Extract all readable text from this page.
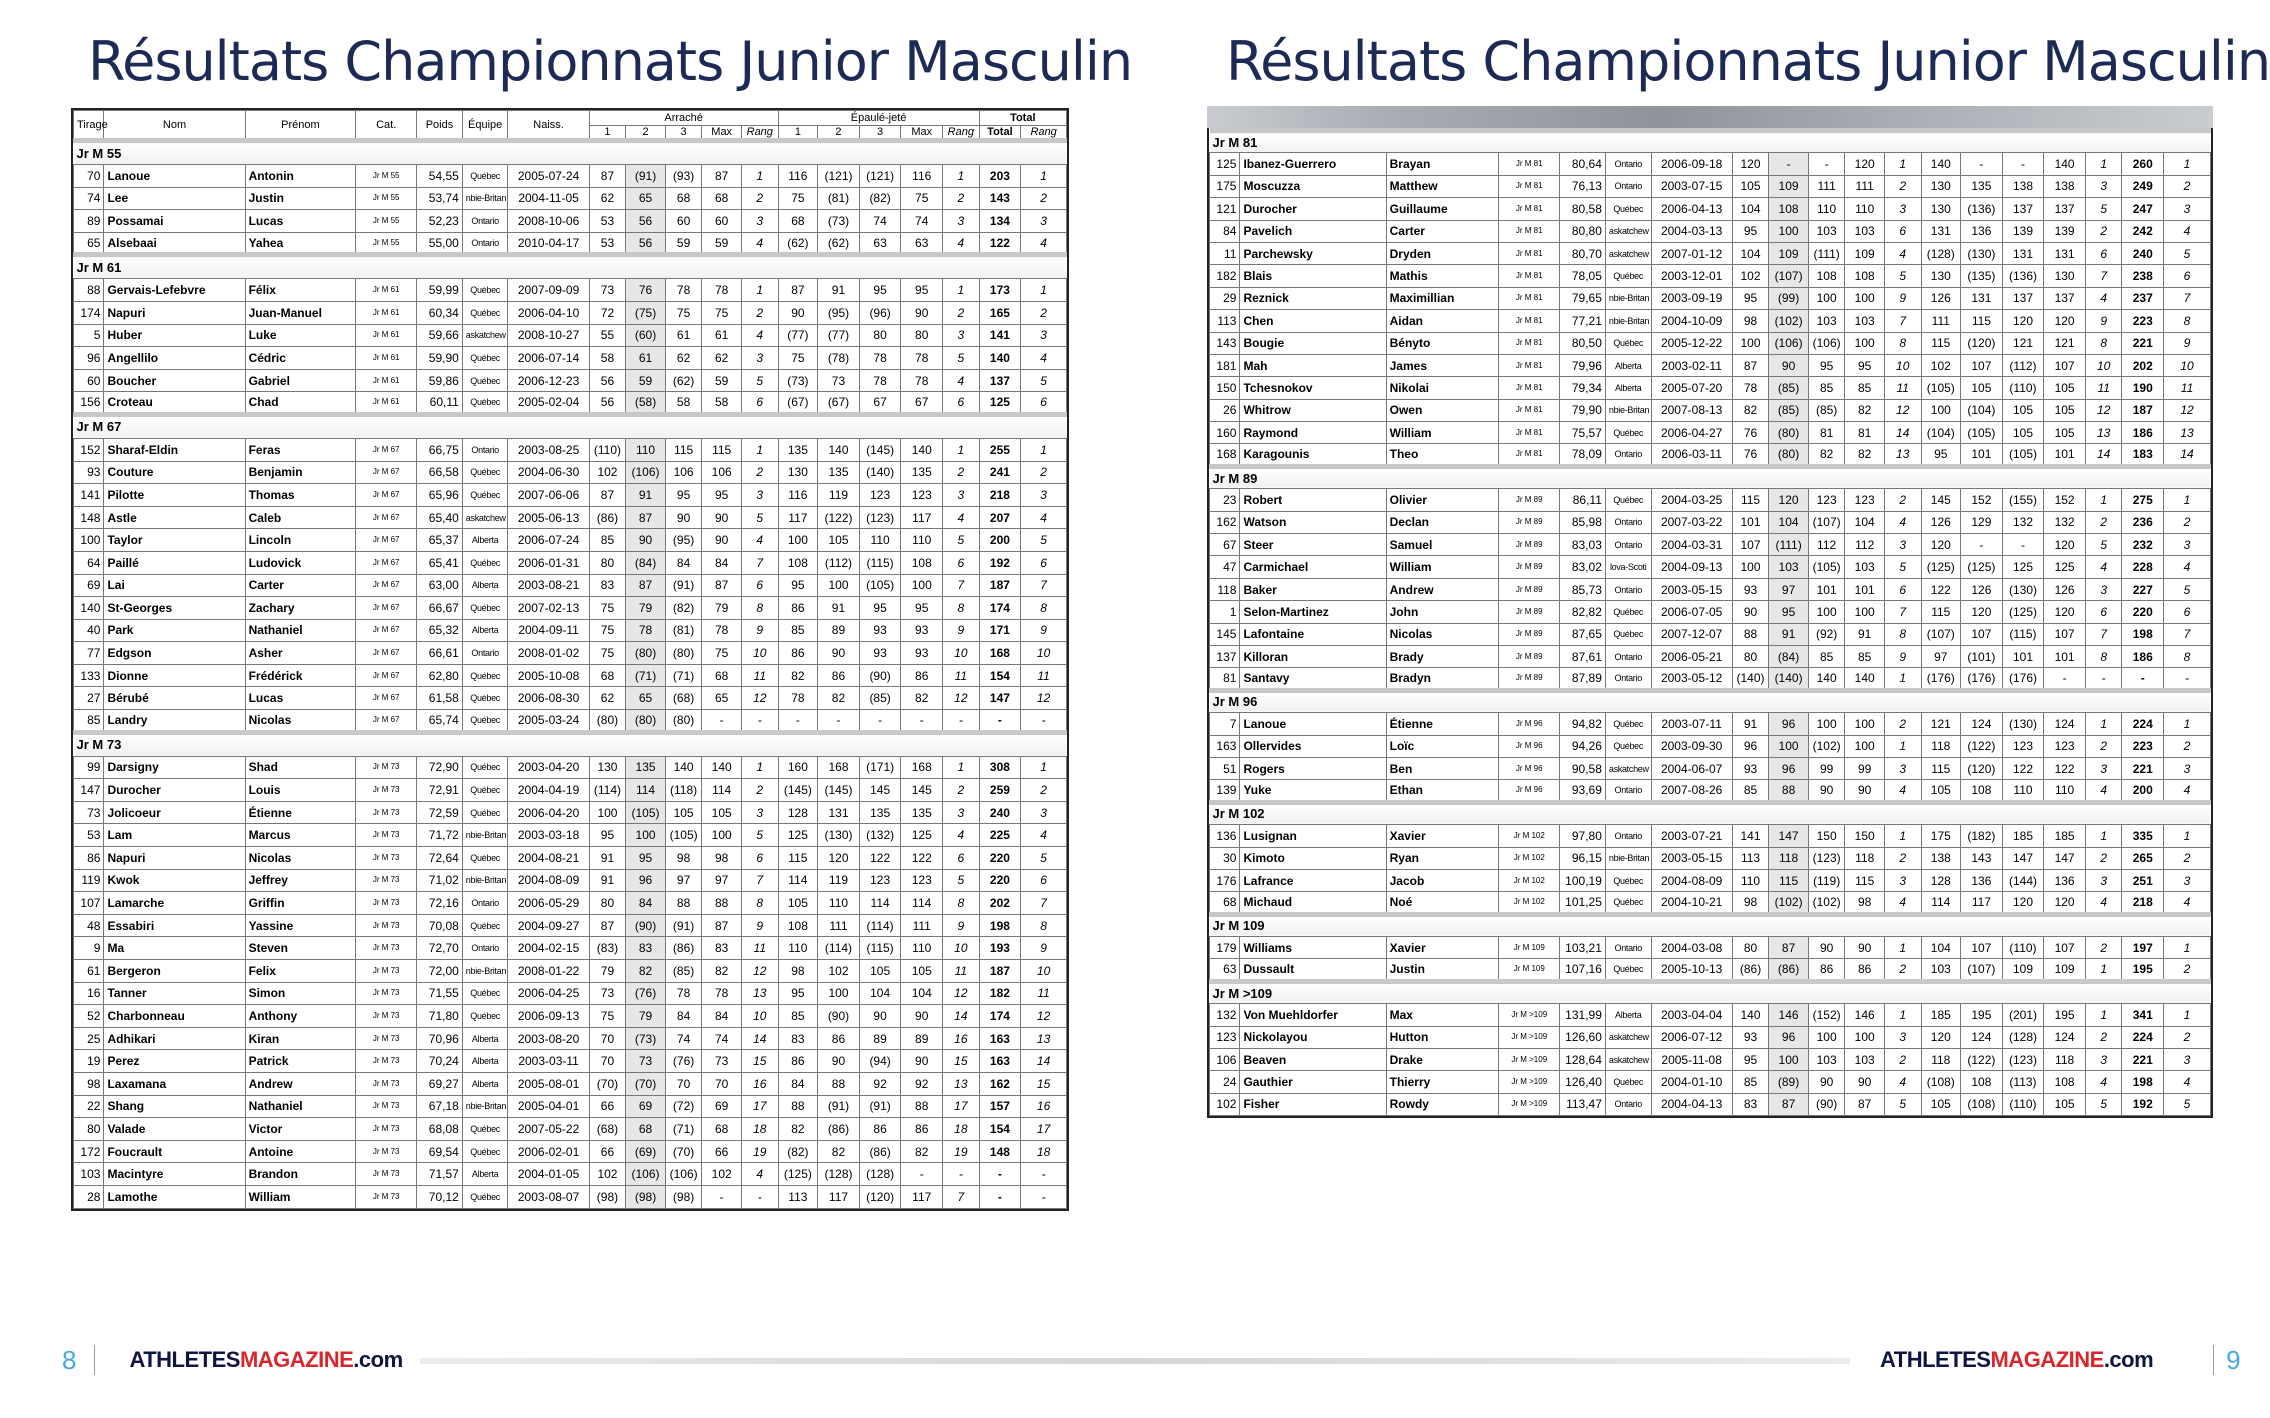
Résultats Championnats Junior Masculin Résultats Championnats Junior Masculin
Tirage	Nom	Prénom	Cat.	Poids	Équipe	Naiss.	Arraché					Épaulé-jeté					Total	
							1	2	3	Max	Rang	1	2	3	Max	Rang	Total	Rang
Jr M 55																		
70	Lanoue	Antonin	Jr M 55	54,55	Québec	2005-07-24	87	(91)	(93)	87	1	116	(121)	(121)	116	1	203	1
74	Lee	Justin	Jr M 55	53,74	nbie-Britan	2004-11-05	62	65	68	68	2	75	(81)	(82)	75	2	143	2
89	Possamai	Lucas	Jr M 55	52,23	Ontario	2008-10-06	53	56	60	60	3	68	(73)	74	74	3	134	3
65	Alsebaai	Yahea	Jr M 55	55,00	Ontario	2010-04-17	53	56	59	59	4	(62)	(62)	63	63	4	122	4
Jr M 61																		
88	Gervais-Lefebvre	Félix	Jr M 61	59,99	Québec	2007-09-09	73	76	78	78	1	87	91	95	95	1	173	1
174	Napuri	Juan-Manuel	Jr M 61	60,34	Québec	2006-04-10	72	(75)	75	75	2	90	(95)	(96)	90	2	165	2
5	Huber	Luke	Jr M 61	59,66	askatchew	2008-10-27	55	(60)	61	61	4	(77)	(77)	80	80	3	141	3
96	Angellilo	Cédric	Jr M 61	59,90	Québec	2006-07-14	58	61	62	62	3	75	(78)	78	78	5	140	4
60	Boucher	Gabriel	Jr M 61	59,86	Québec	2006-12-23	56	59	(62)	59	5	(73)	73	78	78	4	137	5
156	Croteau	Chad	Jr M 61	60,11	Québec	2005-02-04	56	(58)	58	58	6	(67)	(67)	67	67	6	125	6
Jr M 67																		
152	Sharaf-Eldin	Feras	Jr M 67	66,75	Ontario	2003-08-25	(110)	110	115	115	1	135	140	(145)	140	1	255	1
93	Couture	Benjamin	Jr M 67	66,58	Québec	2004-06-30	102	(106)	106	106	2	130	135	(140)	135	2	241	2
141	Pilotte	Thomas	Jr M 67	65,96	Québec	2007-06-06	87	91	95	95	3	116	119	123	123	3	218	3
148	Astle	Caleb	Jr M 67	65,40	askatchew	2005-06-13	(86)	87	90	90	5	117	(122)	(123)	117	4	207	4
100	Taylor	Lincoln	Jr M 67	65,37	Alberta	2006-07-24	85	90	(95)	90	4	100	105	110	110	5	200	5
64	Paillé	Ludovick	Jr M 67	65,41	Québec	2006-01-31	80	(84)	84	84	7	108	(112)	(115)	108	6	192	6
69	Lai	Carter	Jr M 67	63,00	Alberta	2003-08-21	83	87	(91)	87	6	95	100	(105)	100	7	187	7
140	St-Georges	Zachary	Jr M 67	66,67	Québec	2007-02-13	75	79	(82)	79	8	86	91	95	95	8	174	8
40	Park	Nathaniel	Jr M 67	65,32	Alberta	2004-09-11	75	78	(81)	78	9	85	89	93	93	9	171	9
77	Edgson	Asher	Jr M 67	66,61	Ontario	2008-01-02	75	(80)	(80)	75	10	86	90	93	93	10	168	10
133	Dionne	Frédérick	Jr M 67	62,80	Québec	2005-10-08	68	(71)	(71)	68	11	82	86	(90)	86	11	154	11
27	Bérubé	Lucas	Jr M 67	61,58	Québec	2006-08-30	62	65	(68)	65	12	78	82	(85)	82	12	147	12
85	Landry	Nicolas	Jr M 67	65,74	Québec	2005-03-24	(80)	(80)	(80)	-	-	-	-	-	-	-	-	-
Jr M 73																		
99	Darsigny	Shad	Jr M 73	72,90	Québec	2003-04-20	130	135	140	140	1	160	168	(171)	168	1	308	1
147	Durocher	Louis	Jr M 73	72,91	Québec	2004-04-19	(114)	114	(118)	114	2	(145)	(145)	145	145	2	259	2
73	Jolicoeur	Étienne	Jr M 73	72,59	Québec	2006-04-20	100	(105)	105	105	3	128	131	135	135	3	240	3
53	Lam	Marcus	Jr M 73	71,72	nbie-Britan	2003-03-18	95	100	(105)	100	5	125	(130)	(132)	125	4	225	4
86	Napuri	Nicolas	Jr M 73	72,64	Québec	2004-08-21	91	95	98	98	6	115	120	122	122	6	220	5
119	Kwok	Jeffrey	Jr M 73	71,02	nbie-Britan	2004-08-09	91	96	97	97	7	114	119	123	123	5	220	6
107	Lamarche	Griffin	Jr M 73	72,16	Ontario	2006-05-29	80	84	88	88	8	105	110	114	114	8	202	7
48	Essabiri	Yassine	Jr M 73	70,08	Québec	2004-09-27	87	(90)	(91)	87	9	108	111	(114)	111	9	198	8
9	Ma	Steven	Jr M 73	72,70	Ontario	2004-02-15	(83)	83	(86)	83	11	110	(114)	(115)	110	10	193	9
61	Bergeron	Felix	Jr M 73	72,00	nbie-Britan	2008-01-22	79	82	(85)	82	12	98	102	105	105	11	187	10
16	Tanner	Simon	Jr M 73	71,55	Québec	2006-04-25	73	(76)	78	78	13	95	100	104	104	12	182	11
52	Charbonneau	Anthony	Jr M 73	71,80	Québec	2006-09-13	75	79	84	84	10	85	(90)	90	90	14	174	12
25	Adhikari	Kiran	Jr M 73	70,96	Alberta	2003-08-20	70	(73)	74	74	14	83	86	89	89	16	163	13
19	Perez	Patrick	Jr M 73	70,24	Alberta	2003-03-11	70	73	(76)	73	15	86	90	(94)	90	15	163	14
98	Laxamana	Andrew	Jr M 73	69,27	Alberta	2005-08-01	(70)	(70)	70	70	16	84	88	92	92	13	162	15
22	Shang	Nathaniel	Jr M 73	67,18	nbie-Britan	2005-04-01	66	69	(72)	69	17	88	(91)	(91)	88	17	157	16
80	Valade	Victor	Jr M 73	68,08	Québec	2007-05-22	(68)	68	(71)	68	18	82	(86)	86	86	18	154	17
172	Foucrault	Antoine	Jr M 73	69,54	Québec	2006-02-01	66	(69)	(70)	66	19	(82)	82	(86)	82	19	148	18
103	Macintyre	Brandon	Jr M 73	71,57	Alberta	2004-01-05	102	(106)	(106)	102	4	(125)	(128)	(128)	-	-	-	-
28	Lamothe	William	Jr M 73	70,12	Québec	2003-08-07	(98)	(98)	(98)	-	-	113	117	(120)	117	7	-	-
Jr M 81																		
125	Ibanez-Guerrero	Brayan	Jr M 81	80,64	Ontario	2006-09-18	120	-	-	120	1	140	-	-	140	1	260	1
175	Moscuzza	Matthew	Jr M 81	76,13	Ontario	2003-07-15	105	109	111	111	2	130	135	138	138	3	249	2
121	Durocher	Guillaume	Jr M 81	80,58	Québec	2006-04-13	104	108	110	110	3	130	(136)	137	137	5	247	3
84	Pavelich	Carter	Jr M 81	80,80	askatchew	2004-03-13	95	100	103	103	6	131	136	139	139	2	242	4
11	Parchewsky	Dryden	Jr M 81	80,70	askatchew	2007-01-12	104	109	(111)	109	4	(128)	(130)	131	131	6	240	5
182	Blais	Mathis	Jr M 81	78,05	Québec	2003-12-01	102	(107)	108	108	5	130	(135)	(136)	130	7	238	6
29	Reznick	Maximillian	Jr M 81	79,65	nbie-Britan	2003-09-19	95	(99)	100	100	9	126	131	137	137	4	237	7
113	Chen	Aidan	Jr M 81	77,21	nbie-Britan	2004-10-09	98	(102)	103	103	7	111	115	120	120	9	223	8
143	Bougie	Bényto	Jr M 81	80,50	Québec	2005-12-22	100	(106)	(106)	100	8	115	(120)	121	121	8	221	9
181	Mah	James	Jr M 81	79,96	Alberta	2003-02-11	87	90	95	95	10	102	107	(112)	107	10	202	10
150	Tchesnokov	Nikolai	Jr M 81	79,34	Alberta	2005-07-20	78	(85)	85	85	11	(105)	105	(110)	105	11	190	11
26	Whitrow	Owen	Jr M 81	79,90	nbie-Britan	2007-08-13	82	(85)	(85)	82	12	100	(104)	105	105	12	187	12
160	Raymond	William	Jr M 81	75,57	Québec	2006-04-27	76	(80)	81	81	14	(104)	(105)	105	105	13	186	13
168	Karagounis	Theo	Jr M 81	78,09	Ontario	2006-03-11	76	(80)	82	82	13	95	101	(105)	101	14	183	14
Jr M 89																		
23	Robert	Olivier	Jr M 89	86,11	Québec	2004-03-25	115	120	123	123	2	145	152	(155)	152	1	275	1
162	Watson	Declan	Jr M 89	85,98	Ontario	2007-03-22	101	104	(107)	104	4	126	129	132	132	2	236	2
67	Steer	Samuel	Jr M 89	83,03	Ontario	2004-03-31	107	(111)	112	112	3	120	-	-	120	5	232	3
47	Carmichael	William	Jr M 89	83,02	lova-Scoti	2004-09-13	100	103	(105)	103	5	(125)	(125)	125	125	4	228	4
118	Baker	Andrew	Jr M 89	85,73	Ontario	2003-05-15	93	97	101	101	6	122	126	(130)	126	3	227	5
1	Selon-Martinez	John	Jr M 89	82,82	Québec	2006-07-05	90	95	100	100	7	115	120	(125)	120	6	220	6
145	Lafontaine	Nicolas	Jr M 89	87,65	Québec	2007-12-07	88	91	(92)	91	8	(107)	107	(115)	107	7	198	7
137	Killoran	Brady	Jr M 89	87,61	Ontario	2006-05-21	80	(84)	85	85	9	97	(101)	101	101	8	186	8
81	Santavy	Bradyn	Jr M 89	87,89	Ontario	2003-05-12	(140)	(140)	140	140	1	(176)	(176)	(176)	-	-	-	-
Jr M 96																		
7	Lanoue	Étienne	Jr M 96	94,82	Québec	2003-07-11	91	96	100	100	2	121	124	(130)	124	1	224	1
163	Ollervides	Loïc	Jr M 96	94,26	Québec	2003-09-30	96	100	(102)	100	1	118	(122)	123	123	2	223	2
51	Rogers	Ben	Jr M 96	90,58	askatchew	2004-06-07	93	96	99	99	3	115	(120)	122	122	3	221	3
139	Yuke	Ethan	Jr M 96	93,69	Ontario	2007-08-26	85	88	90	90	4	105	108	110	110	4	200	4
Jr M 102																		
136	Lusignan	Xavier	Jr M 102	97,80	Ontario	2003-07-21	141	147	150	150	1	175	(182)	185	185	1	335	1
30	Kimoto	Ryan	Jr M 102	96,15	nbie-Britan	2003-05-15	113	118	(123)	118	2	138	143	147	147	2	265	2
176	Lafrance	Jacob	Jr M 102	100,19	Québec	2004-08-09	110	115	(119)	115	3	128	136	(144)	136	3	251	3
68	Michaud	Noé	Jr M 102	101,25	Québec	2004-10-21	98	(102)	(102)	98	4	114	117	120	120	4	218	4
Jr M 109																		
179	Williams	Xavier	Jr M 109	103,21	Ontario	2004-03-08	80	87	90	90	1	104	107	(110)	107	2	197	1
63	Dussault	Justin	Jr M 109	107,16	Québec	2005-10-13	(86)	(86)	86	86	2	103	(107)	109	109	1	195	2
Jr M >109																		
132	Von Muehldorfer	Max	Jr M >109	131,99	Alberta	2003-04-04	140	146	(152)	146	1	185	195	(201)	195	1	341	1
123	Nickolayou	Hutton	Jr M >109	126,60	askatchew	2006-07-12	93	96	100	100	3	120	124	(128)	124	2	224	2
106	Beaven	Drake	Jr M >109	128,64	askatchew	2005-11-08	95	100	103	103	2	118	(122)	(123)	118	3	221	3
24	Gauthier	Thierry	Jr M >109	126,40	Québec	2004-01-10	85	(89)	90	90	4	(108)	108	(113)	108	4	198	4
102	Fisher	Rowdy	Jr M >109	113,47	Ontario	2004-04-13	83	87	(90)	87	5	105	(108)	(110)	105	5	192	5
8 ATHLETESMAGAZINE.com	ATHLETESMAGAZINE.com	9
